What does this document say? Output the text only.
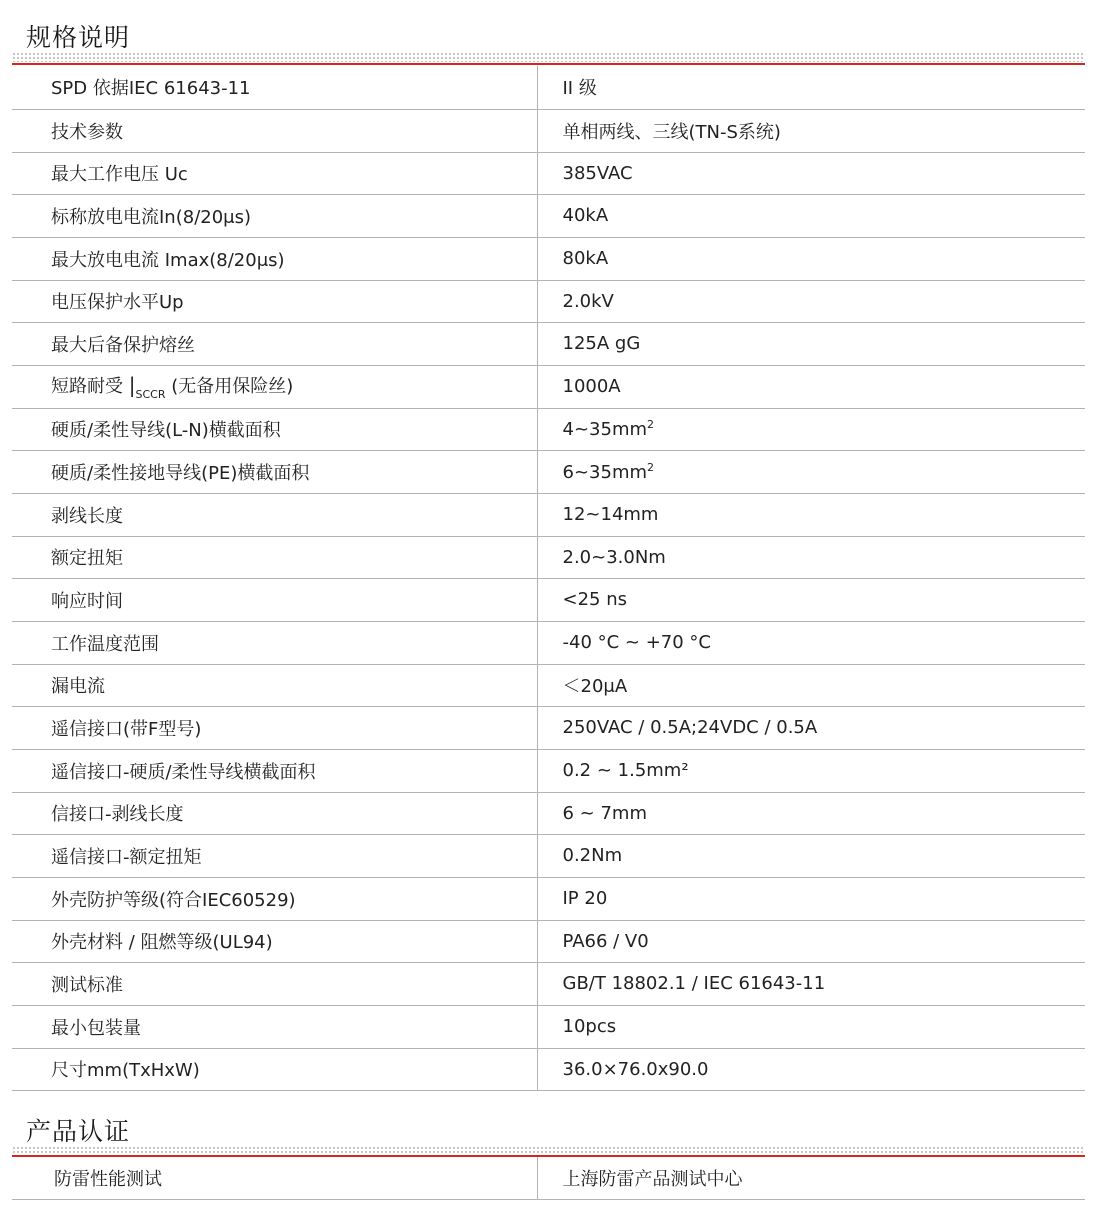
规格说明
SPD 依据IEC 61643-11	II 级
技术参数	单相两线、三线(TN-S系统)
最大工作电压 Uc	385VAC
标称放电电流In(8/20μs)	40kA
最大放电电流 Imax(8/20μs)	80kA
电压保护水平Up	2.0kV
最大后备保护熔丝	125A gG
短路耐受 $|_{SCCR}$ (无备用保险丝)	1000A
硬质/柔性导线(L-N)横截面积	$4\sim 35mm^2$
硬质/柔性接地导线(PE)横截面积	$6\sim 35mm^2$
剥线长度	12~14mm
额定扭矩	2.0~3.0Nm
响应时间	<25 ns
工作温度范围	-40 °C ~ +70 °C
漏电流	＜20μA
遥信接口(带F型号)	250VAC / 0.5A;24VDC / 0.5A
遥信接口-硬质/柔性导线横截面积	0.2 ~ 1.5mm²
信接口-剥线长度	6 ~ 7mm
遥信接口-额定扭矩	0.2Nm
外壳防护等级(符合IEC60529)	IP 20
外壳材料 / 阻燃等级(UL94)	PA66 / V0
测试标准	GB/T 18802.1 / IEC 61643-11
最小包装量	10pcs
尺寸mm(TxHxW)	36.0×76.0x90.0
产品认证
防雷性能测试	上海防雷产品测试中心
